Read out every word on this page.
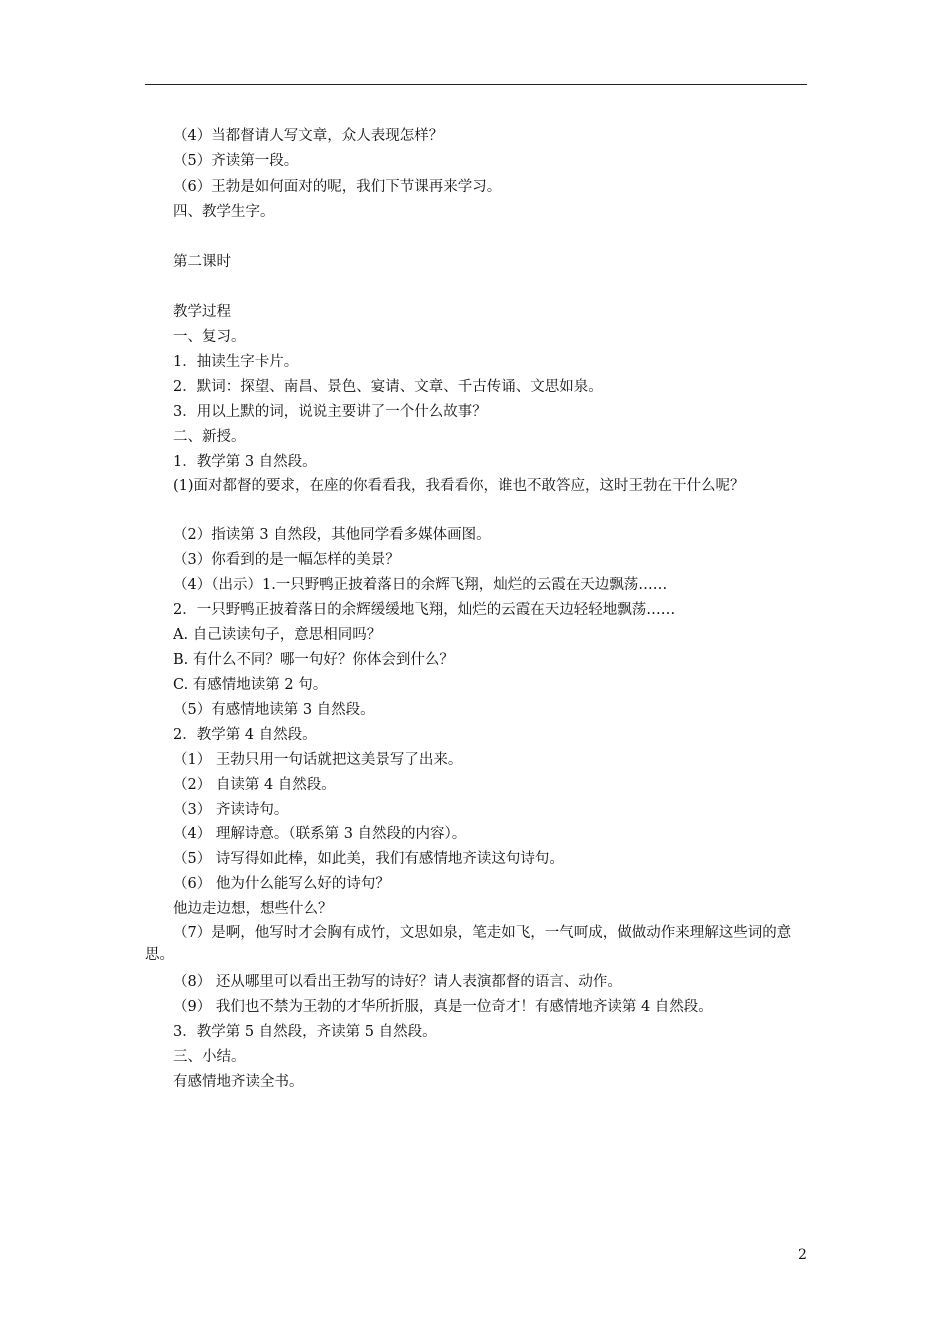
（4）当都督请人写文章，众人表现怎样？
（5）齐读第一段。
（6）王勃是如何面对的呢，我们下节课再来学习。
四、教学生字。
第二课时
教学过程
一、复习。
1．抽读生字卡片。
2．默词：探望、南昌、景色、宴请、文章、千古传诵、文思如泉。
3．用以上默的词，说说主要讲了一个什么故事？
二、新授。
1．教学第 3 自然段。
(1)面对都督的要求，在座的你看看我，我看看你，谁也不敢答应，这时王勃在干什么呢？
（2）指读第 3 自然段，其他同学看多媒体画图。
（3）你看到的是一幅怎样的美景？
（4）（出示）1.一只野鸭正披着落日的余辉飞翔，灿烂的云霞在天边飘荡……
2．一只野鸭正披着落日的余辉缓缓地飞翔，灿烂的云霞在天边轻轻地飘荡……
A. 自己读读句子，意思相同吗？
B. 有什么不同？哪一句好？你体会到什么？
C. 有感情地读第 2 句。
（5）有感情地读第 3 自然段。
2．教学第 4 自然段。
（1） 王勃只用一句话就把这美景写了出来。
（2） 自读第 4 自然段。
（3） 齐读诗句。
（4） 理解诗意。（联系第 3 自然段的内容）。
（5） 诗写得如此棒，如此美，我们有感情地齐读这句诗句。
（6） 他为什么能写么好的诗句？
他边走边想，想些什么？
（7）是啊，他写时才会胸有成竹，文思如泉，笔走如飞，一气呵成，做做动作来理解这些词的意思。
（8） 还从哪里可以看出王勃写的诗好？请人表演都督的语言、动作。
（9） 我们也不禁为王勃的才华所折服，真是一位奇才！有感情地齐读第 4 自然段。
3．教学第 5 自然段，齐读第 5 自然段。
三、小结。
有感情地齐读全书。
2
